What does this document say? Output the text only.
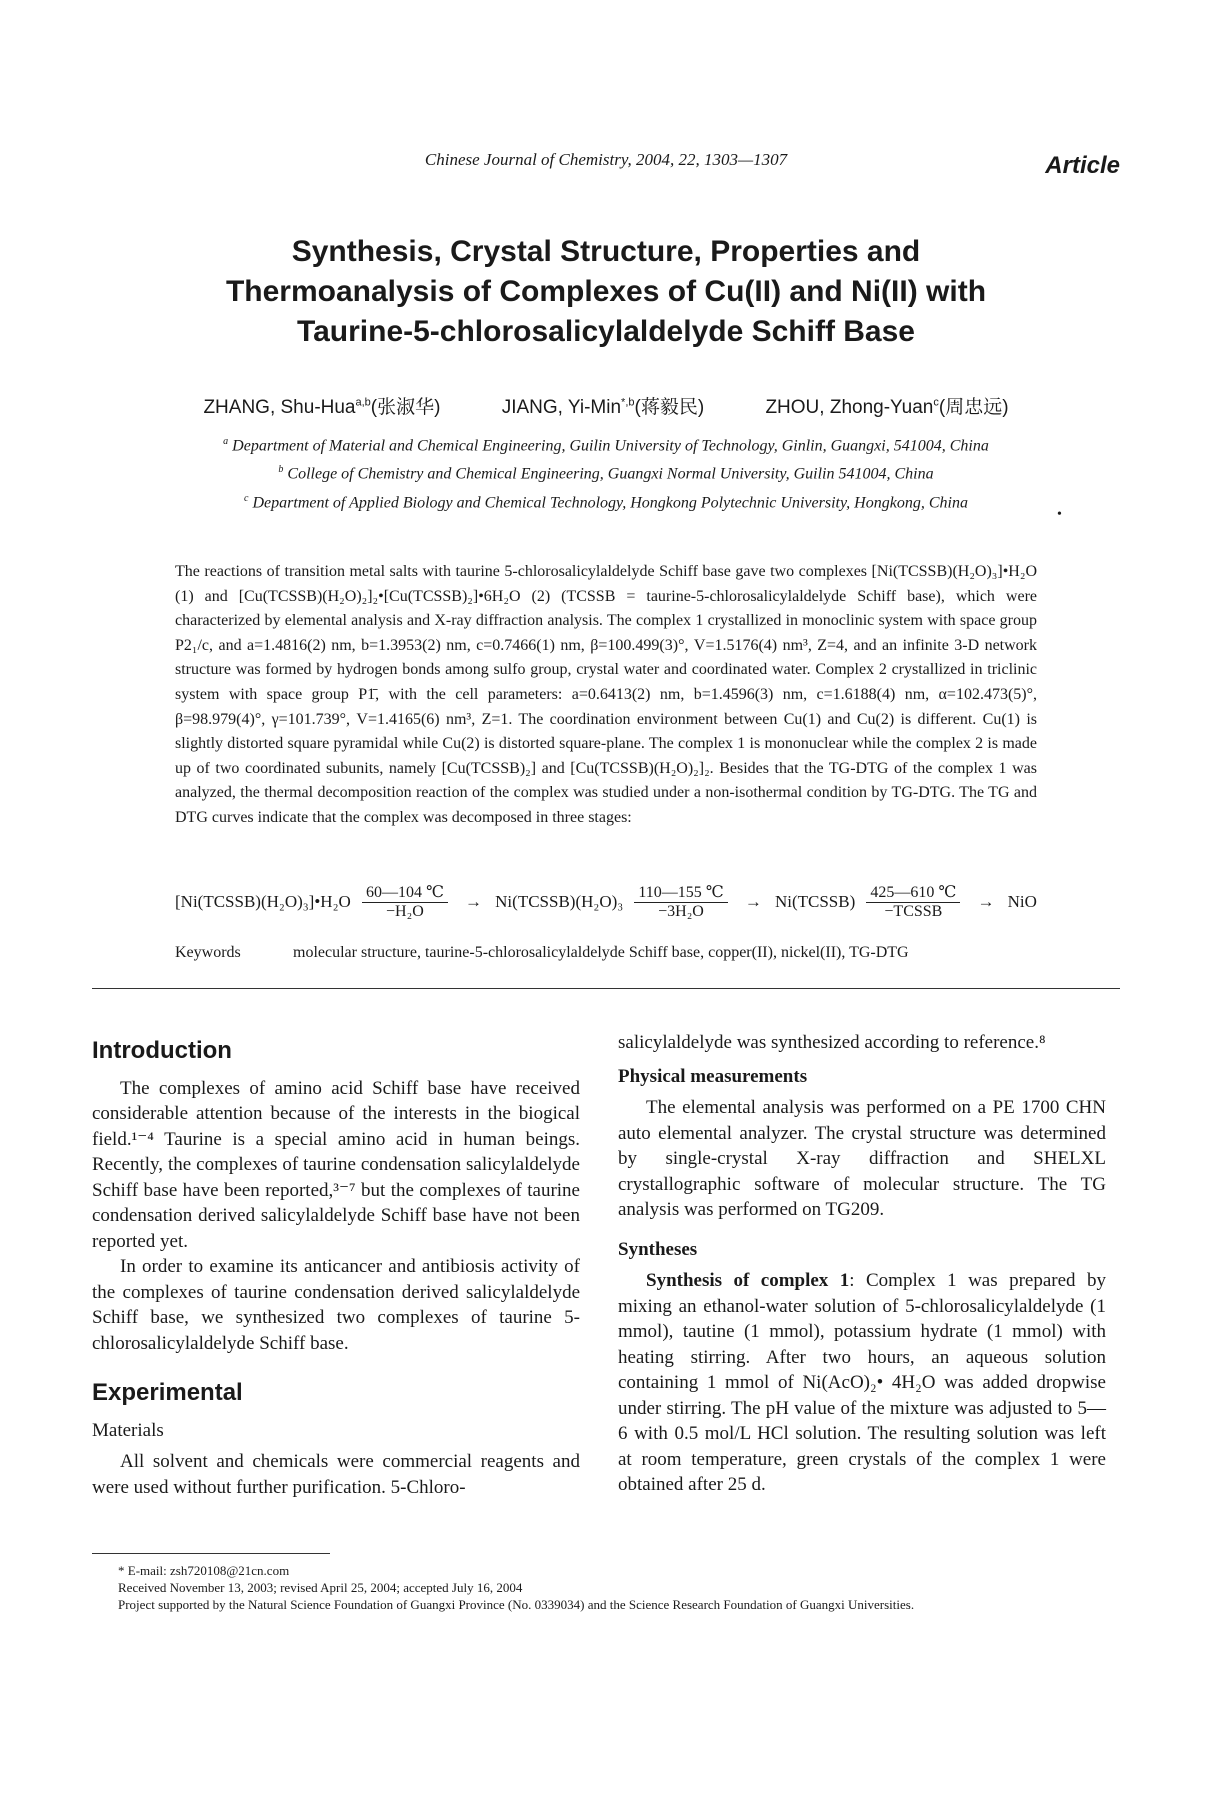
Chinese Journal of Chemistry, 2004, 22, 1303—1307	Article
Synthesis, Crystal Structure, Properties and
Thermoanalysis of Complexes of Cu(II) and Ni(II) with
Taurine-5-chlorosalicylaldelyde Schiff Base
ZHANG, Shu-Hua$^{a,b}$(张淑华)	JIANG, Yi-Min$^{*,b}$(蒋毅民)	ZHOU, Zhong-Yuan$^c$(周忠远)

$^a$ Department of Material and Chemical Engineering, Guilin University of Technology, Ginlin, Guangxi, 541004, China

$^b$ College of Chemistry and Chemical Engineering, Guangxi Normal University, Guilin 541004, China

$^c$ Department of Applied Biology and Chemical Technology, Hongkong Polytechnic University, Hongkong, China

•
The reactions of transition metal salts with taurine 5-chlorosalicylaldelyde Schiff base gave two complexes [Ni(TCSSB)(H₂O)₃]•H₂O (1) and [Cu(TCSSB)(H₂O)₂]₂•[Cu(TCSSB)₂]•6H₂O (2) (TCSSB = taurine-5-chlorosalicylaldelyde Schiff base), which were characterized by elemental analysis and X-ray diffraction analysis. The complex 1 crystallized in monoclinic system with space group P2₁/c, and a=1.4816(2) nm, b=1.3953(2) nm, c=0.7466(1) nm, β=100.499(3)°, V=1.5176(4) nm³, Z=4, and an infinite 3-D network structure was formed by hydrogen bonds among sulfo group, crystal water and coordinated water. Complex 2 crystallized in triclinic system with space group P1̄, with the cell parameters: a=0.6413(2) nm, b=1.4596(3) nm, c=1.6188(4) nm, α=102.473(5)°, β=98.979(4)°, γ=101.739°, V=1.4165(6) nm³, Z=1. The coordination environment between Cu(1) and Cu(2) is different. Cu(1) is slightly distorted square pyramidal while Cu(2) is distorted square-plane. The complex 1 is mononuclear while the complex 2 is made up of two coordinated subunits, namely [Cu(TCSSB)₂] and [Cu(TCSSB)(H₂O)₂]₂. Besides that the TG-DTG of the complex 1 was analyzed, the thermal decomposition reaction of the complex was studied under a non-isothermal condition by TG-DTG. The TG and DTG curves indicate that the complex was decomposed in three stages:
[Ni(TCSSB)(H₂O)₃]•H₂O $\frac{60—104 ℃}{\text{−H₂O}}$ → Ni(TCSSB)(H₂O)₃ $\frac{110—155 ℃}{\text{−3H₂O}}$ → Ni(TCSSB) $\frac{425—610 ℃}{\text{−TCSSB}}$ → NiO
Keywords	molecular structure, taurine-5-chlorosalicylaldelyde Schiff base, copper(II), nickel(II), TG-DTG
Introduction

The complexes of amino acid Schiff base have received considerable attention because of the interests in the biogical field.¹⁻⁴ Taurine is a special amino acid in human beings. Recently, the complexes of taurine condensation salicylaldelyde Schiff base have been reported,³⁻⁷ but the complexes of taurine condensation derived salicylaldelyde Schiff base have not been reported yet.

In order to examine its anticancer and antibiosis activity of the complexes of taurine condensation derived salicylaldelyde Schiff base, we synthesized two complexes of taurine 5-chlorosalicylaldelyde Schiff base.

Experimental
Materials

All solvent and chemicals were commercial reagents and were used without further purification. 5-Chloro-

salicylaldelyde was synthesized according to reference.⁸

Physical measurements

The elemental analysis was performed on a PE 1700 CHN auto elemental analyzer. The crystal structure was determined by single-crystal X-ray diffraction and SHELXL crystallographic software of molecular structure. The TG analysis was performed on TG209.

Syntheses

Synthesis of complex 1: Complex 1 was prepared by mixing an ethanol-water solution of 5-chlorosalicylaldelyde (1 mmol), tautine (1 mmol), potassium hydrate (1 mmol) with heating stirring. After two hours, an aqueous solution containing 1 mmol of Ni(AcO)₂• 4H₂O was added dropwise under stirring. The pH value of the mixture was adjusted to 5—6 with 0.5 mol/L HCl solution. The resulting solution was left at room temperature, green crystals of the complex 1 were obtained after 25 d.

* E-mail: zsh720108@21cn.com

Received November 13, 2003; revised April 25, 2004; accepted July 16, 2004

Project supported by the Natural Science Foundation of Guangxi Province (No. 0339034) and the Science Research Foundation of Guangxi Universities.
